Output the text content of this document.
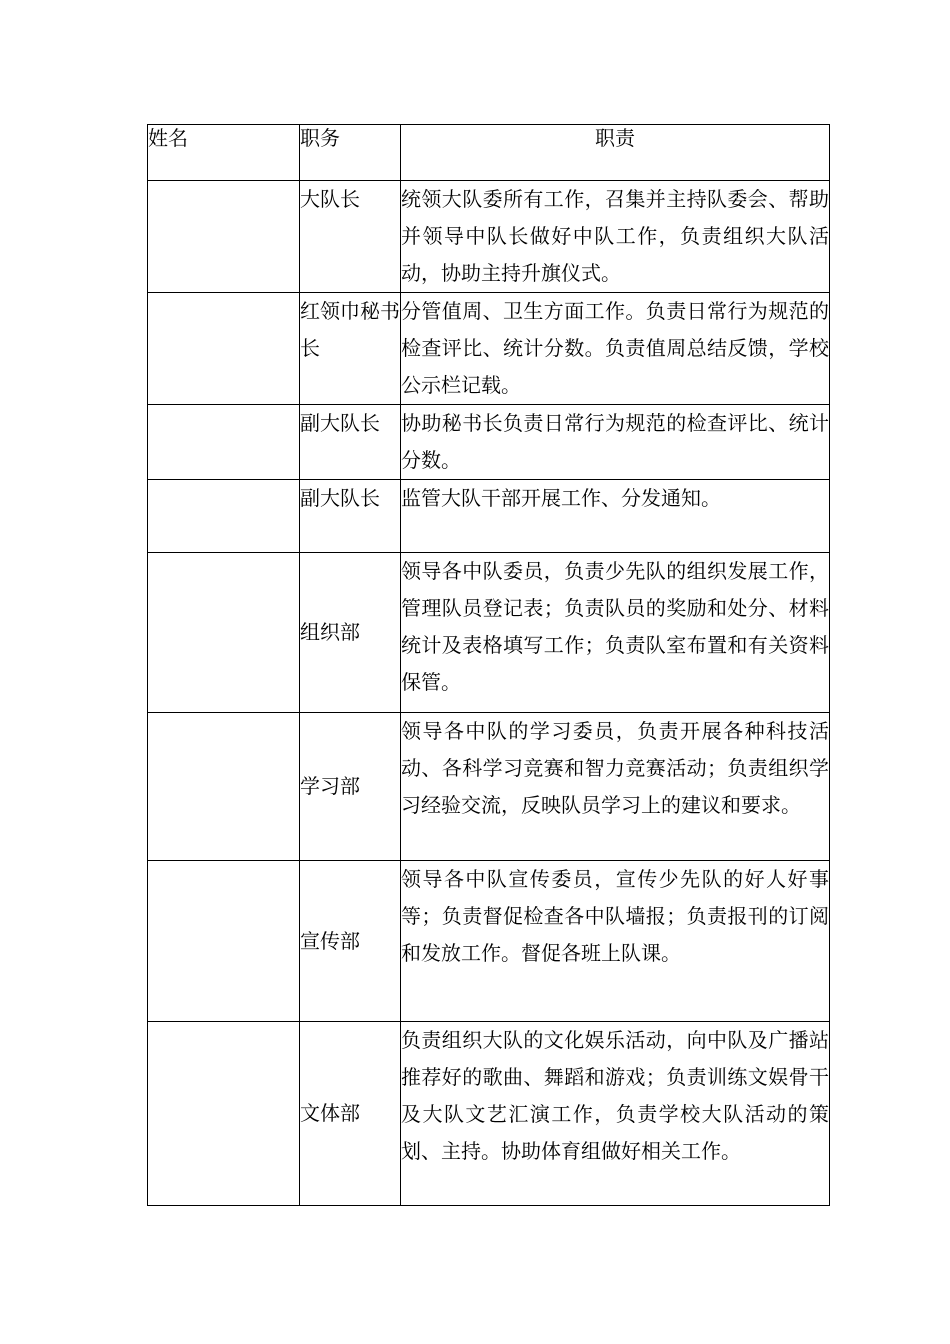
姓名	职务	职责

	大队长	统领大队委所有工作，召集并主持队委会、帮助并领导中队长做好中队工作，负责组织大队活动，协助主持升旗仪式。

	红领巾秘书长	分管值周、卫生方面工作。负责日常行为规范的检查评比、统计分数。负责值周总结反馈，学校公示栏记载。

	副大队长	协助秘书长负责日常行为规范的检查评比、统计分数。

	副大队长	监管大队干部开展工作、分发通知。

	组织部	领导各中队委员，负责少先队的组织发展工作，管理队员登记表；负责队员的奖励和处分、材料统计及表格填写工作；负责队室布置和有关资料保管。

	学习部	领导各中队的学习委员，负责开展各种科技活动、各科学习竞赛和智力竞赛活动；负责组织学习经验交流，反映队员学习上的建议和要求。

	宣传部	领导各中队宣传委员，宣传少先队的好人好事等；负责督促检查各中队墙报；负责报刊的订阅和发放工作。督促各班上队课。

	文体部	负责组织大队的文化娱乐活动，向中队及广播站推荐好的歌曲、舞蹈和游戏；负责训练文娱骨干及大队文艺汇演工作，负责学校大队活动的策划、主持。协助体育组做好相关工作。
